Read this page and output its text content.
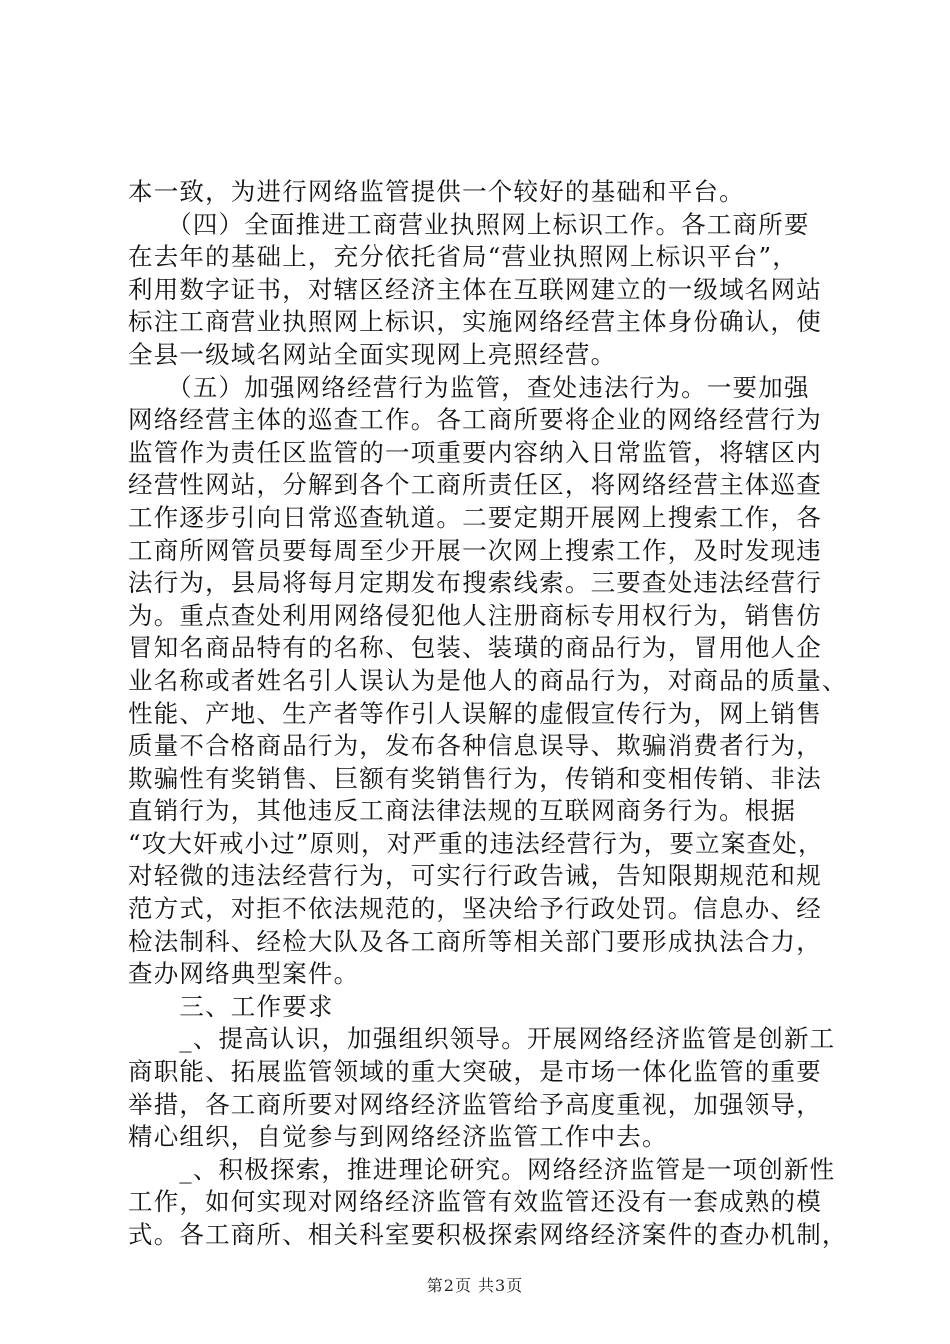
本一致，为进行网络监管提供一个较好的基础和平台。
　　（四）全面推进工商营业执照网上标识工作。各工商所要
在去年的基础上，充分依托省局“营业执照网上标识平台”，
利用数字证书，对辖区经济主体在互联网建立的一级域名网站
标注工商营业执照网上标识，实施网络经营主体身份确认，使
全县一级域名网站全面实现网上亮照经营。
　　（五）加强网络经营行为监管，查处违法行为。一要加强
网络经营主体的巡查工作。各工商所要将企业的网络经营行为
监管作为责任区监管的一项重要内容纳入日常监管，将辖区内
经营性网站，分解到各个工商所责任区，将网络经营主体巡查
工作逐步引向日常巡查轨道。二要定期开展网上搜索工作，各
工商所网管员要每周至少开展一次网上搜索工作，及时发现违
法行为，县局将每月定期发布搜索线索。三要查处违法经营行
为。重点查处利用网络侵犯他人注册商标专用权行为，销售仿
冒知名商品特有的名称、包装、装璜的商品行为，冒用他人企
业名称或者姓名引人误认为是他人的商品行为，对商品的质量、
性能、产地、生产者等作引人误解的虚假宣传行为，网上销售
质量不合格商品行为，发布各种信息误导、欺骗消费者行为，
欺骗性有奖销售、巨额有奖销售行为，传销和变相传销、非法
直销行为，其他违反工商法律法规的互联网商务行为。根据
“攻大奸戒小过”原则，对严重的违法经营行为，要立案查处，
对轻微的违法经营行为，可实行行政告诫，告知限期规范和规
范方式，对拒不依法规范的，坚决给予行政处罚。信息办、经
检法制科、经检大队及各工商所等相关部门要形成执法合力，
查办网络典型案件。
　　三、工作要求
　　_、提高认识，加强组织领导。开展网络经济监管是创新工
商职能、拓展监管领域的重大突破，是市场一体化监管的重要
举措，各工商所要对网络经济监管给予高度重视，加强领导，
精心组织，自觉参与到网络经济监管工作中去。
　　_、积极探索，推进理论研究。网络经济监管是一项创新性
工作，如何实现对网络经济监管有效监管还没有一套成熟的模
式。各工商所、相关科室要积极探索网络经济案件的查办机制，
第2页 共3页
